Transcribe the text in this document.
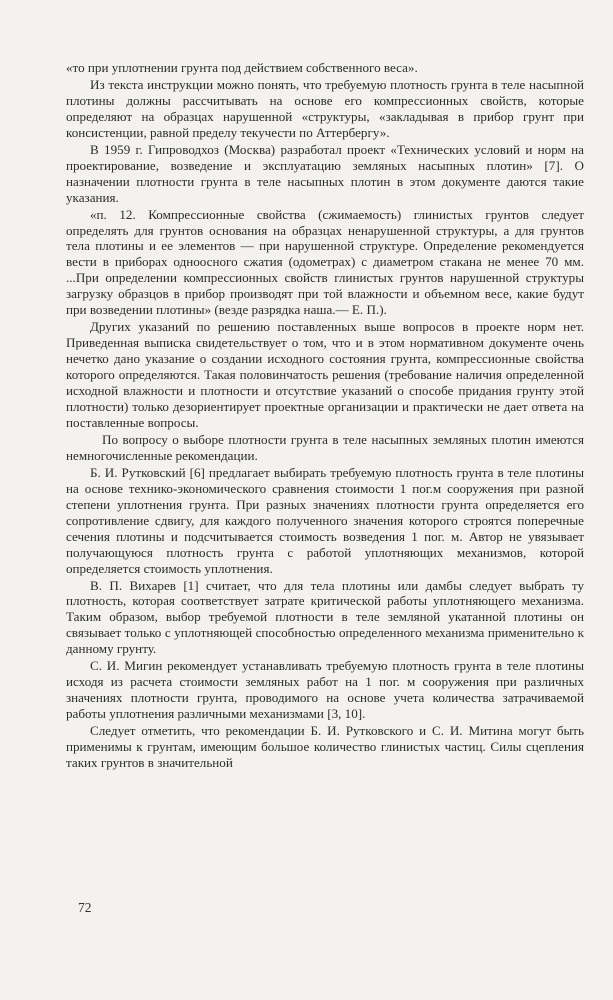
«то при уплотнении грунта под действием собственного веса».

Из текста инструкции можно понять, что требуемую плотность грунта в теле насыпной плотины должны рассчитывать на основе его компрессионных свойств, которые определяют на образцах нарушенной «структуры, «закладывая в прибор грунт при консистенции, равной пределу текучести по Аттербергу».

В 1959 г. Гипроводхоз (Москва) разработал проект «Технических условий и норм на проектирование, возведение и эксплуатацию земляных насыпных плотин» [7]. О назначении плотности грунта в теле насыпных плотин в этом документе даются такие указания.

«п. 12. Компрессионные свойства (сжимаемость) глинистых грунтов следует определять для грунтов основания на образцах ненарушенной структуры, а для грунтов тела плотины и ее элементов — при нарушенной структуре. Определение рекомендуется вести в приборах одноосного сжатия (одометрах) с диаметром стакана не менее 70 мм. ...При определении компрессионных свойств глинистых грунтов нарушенной структуры загрузку образцов в прибор производят при той влажности и объемном весе, какие будут при возведении плотины» (везде разрядка наша.— Е. П.).

Других указаний по решению поставленных выше вопросов в проекте норм нет. Приведенная выписка свидетельствует о том, что и в этом нормативном документе очень нечетко дано указание о создании исходного состояния грунта, компрессионные свойства которого определяются. Такая половинчатость решения (требование наличия определенной исходной влажности и плотности и отсутствие указаний о способе придания грунту этой плотности) только дезориентирует проектные организации и практически не дает ответа на поставленные вопросы.

По вопросу о выборе плотности грунта в теле насыпных земляных плотин имеются немногочисленные рекомендации.

Б. И. Рутковский [6] предлагает выбирать требуемую плотность грунта в теле плотины на основе технико-экономического сравнения стоимости 1 пог.м сооружения при разной степени уплотнения грунта. При разных значениях плотности грунта определяется его сопротивление сдвигу, для каждого полученного значения которого строятся поперечные сечения плотины и подсчитывается стоимость возведения 1 пог. м. Автор не увязывает получающуюся плотность грунта с работой уплотняющих механизмов, которой определяется стоимость уплотнения.

В. П. Вихарев [1] считает, что для тела плотины или дамбы следует выбрать ту плотность, которая соответствует затрате критической работы уплотняющего механизма. Таким образом, выбор требуемой плотности в теле земляной укатанной плотины он связывает только с уплотняющей способностью определенного механизма применительно к данному грунту.

С. И. Мигин рекомендует устанавливать требуемую плотность грунта в теле плотины исходя из расчета стоимости земляных работ на 1 пог. м сооружения при различных значениях плотности грунта, проводимого на основе учета количества затрачиваемой работы уплотнения различными механизмами [3, 10].

Следует отметить, что рекомендации Б. И. Рутковского и С. И. Митина могут быть применимы к грунтам, имеющим большое количество глинистых частиц. Силы сцепления таких грунтов в значительной

72
